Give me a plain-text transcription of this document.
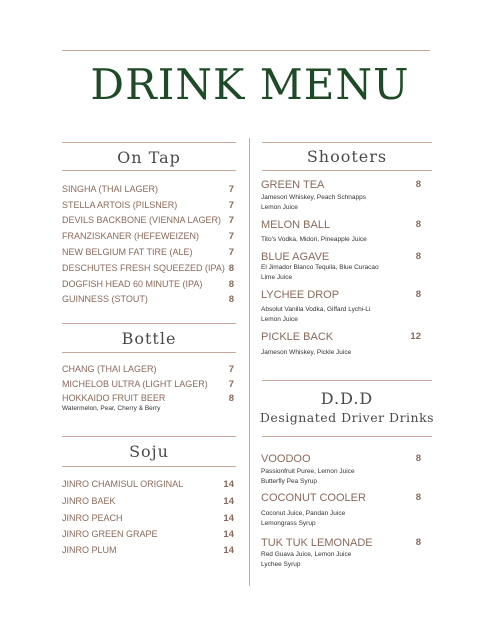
DRINK MENU
On Tap
SINGHA (THAI LAGER)	7
STELLA ARTOIS (PILSNER)	7
DEVILS BACKBONE (VIENNA LAGER) 7
FRANZISKANER (HEFEWEIZEN)	7
NEW BELGIUM FAT TIRE (ALE)	7
DESCHUTES FRESH SQUEEZED (IPA) 8
DOGFISH HEAD 60 MINUTE (IPA)	8
GUINNESS (STOUT)	8
Bottle
CHANG (THAI LAGER)	7
MICHELOB ULTRA (LIGHT LAGER) 7
HOKKAIDO FRUIT BEER	8
Watermelon, Pear, Cherry & Berry
Soju
JINRO CHAMISUL ORIGINAL	14
JINRO BAEK	14
JINRO PEACH	14
JINRO GREEN GRAPE	14
JINRO PLUM	14
Shooters
GREEN TEA	8
Jameson Whiskey, Peach Schnapps
Lemon Juice
MELON BALL	8
Tito's Vodka, Midori, Pineapple Juice
BLUE AGAVE	8
El Jimador Blanco Tequila, Blue Curacao
Lime Juice
LYCHEE DROP	8
Absolut Vanilla Vodka, Giffard Lychi-Li
Lemon Juice
PICKLE BACK	12
Jameson Whiskey, Pickle Juice
D.D.D
Designated Driver Drinks
VOODOO	8
Passionfruit Puree, Lemon Juice
Butterfly Pea Syrup
COCONUT COOLER	8
Coconut Juice, Pandan Juice
Lemongrass Syrup
TUK TUK LEMONADE	8
Red Guava Juice, Lemon Juice
Lychee Syrup
